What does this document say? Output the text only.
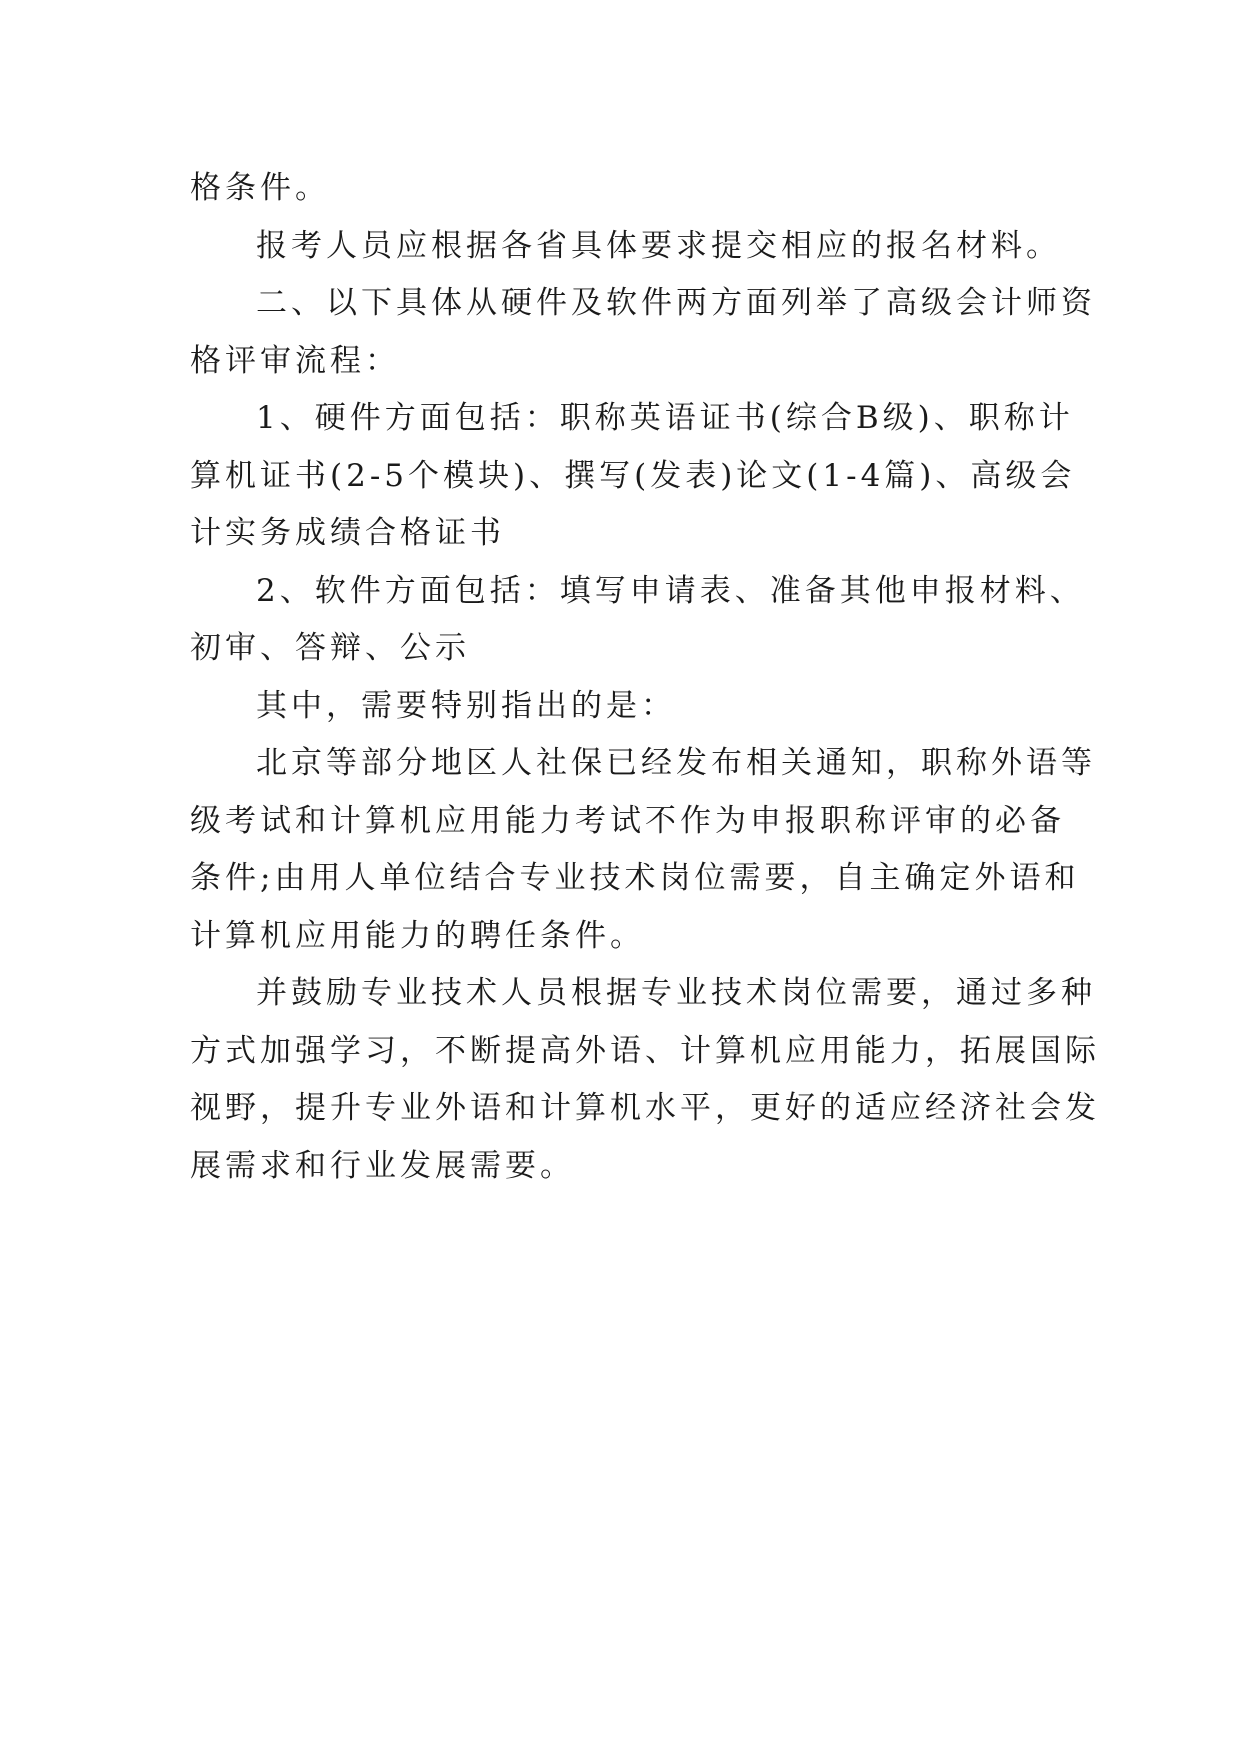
格条件。
报考人员应根据各省具体要求提交相应的报名材料。
二、以下具体从硬件及软件两方面列举了高级会计师资
格评审流程：
1、硬件方面包括：职称英语证书(综合B级)、职称计
算机证书(2-5个模块)、撰写(发表)论文(1-4篇)、高级会
计实务成绩合格证书
2、软件方面包括：填写申请表、准备其他申报材料、
初审、答辩、公示
其中，需要特别指出的是：
北京等部分地区人社保已经发布相关通知，职称外语等
级考试和计算机应用能力考试不作为申报职称评审的必备
条件;由用人单位结合专业技术岗位需要，自主确定外语和
计算机应用能力的聘任条件。
并鼓励专业技术人员根据专业技术岗位需要，通过多种
方式加强学习，不断提高外语、计算机应用能力，拓展国际
视野，提升专业外语和计算机水平，更好的适应经济社会发
展需求和行业发展需要。
